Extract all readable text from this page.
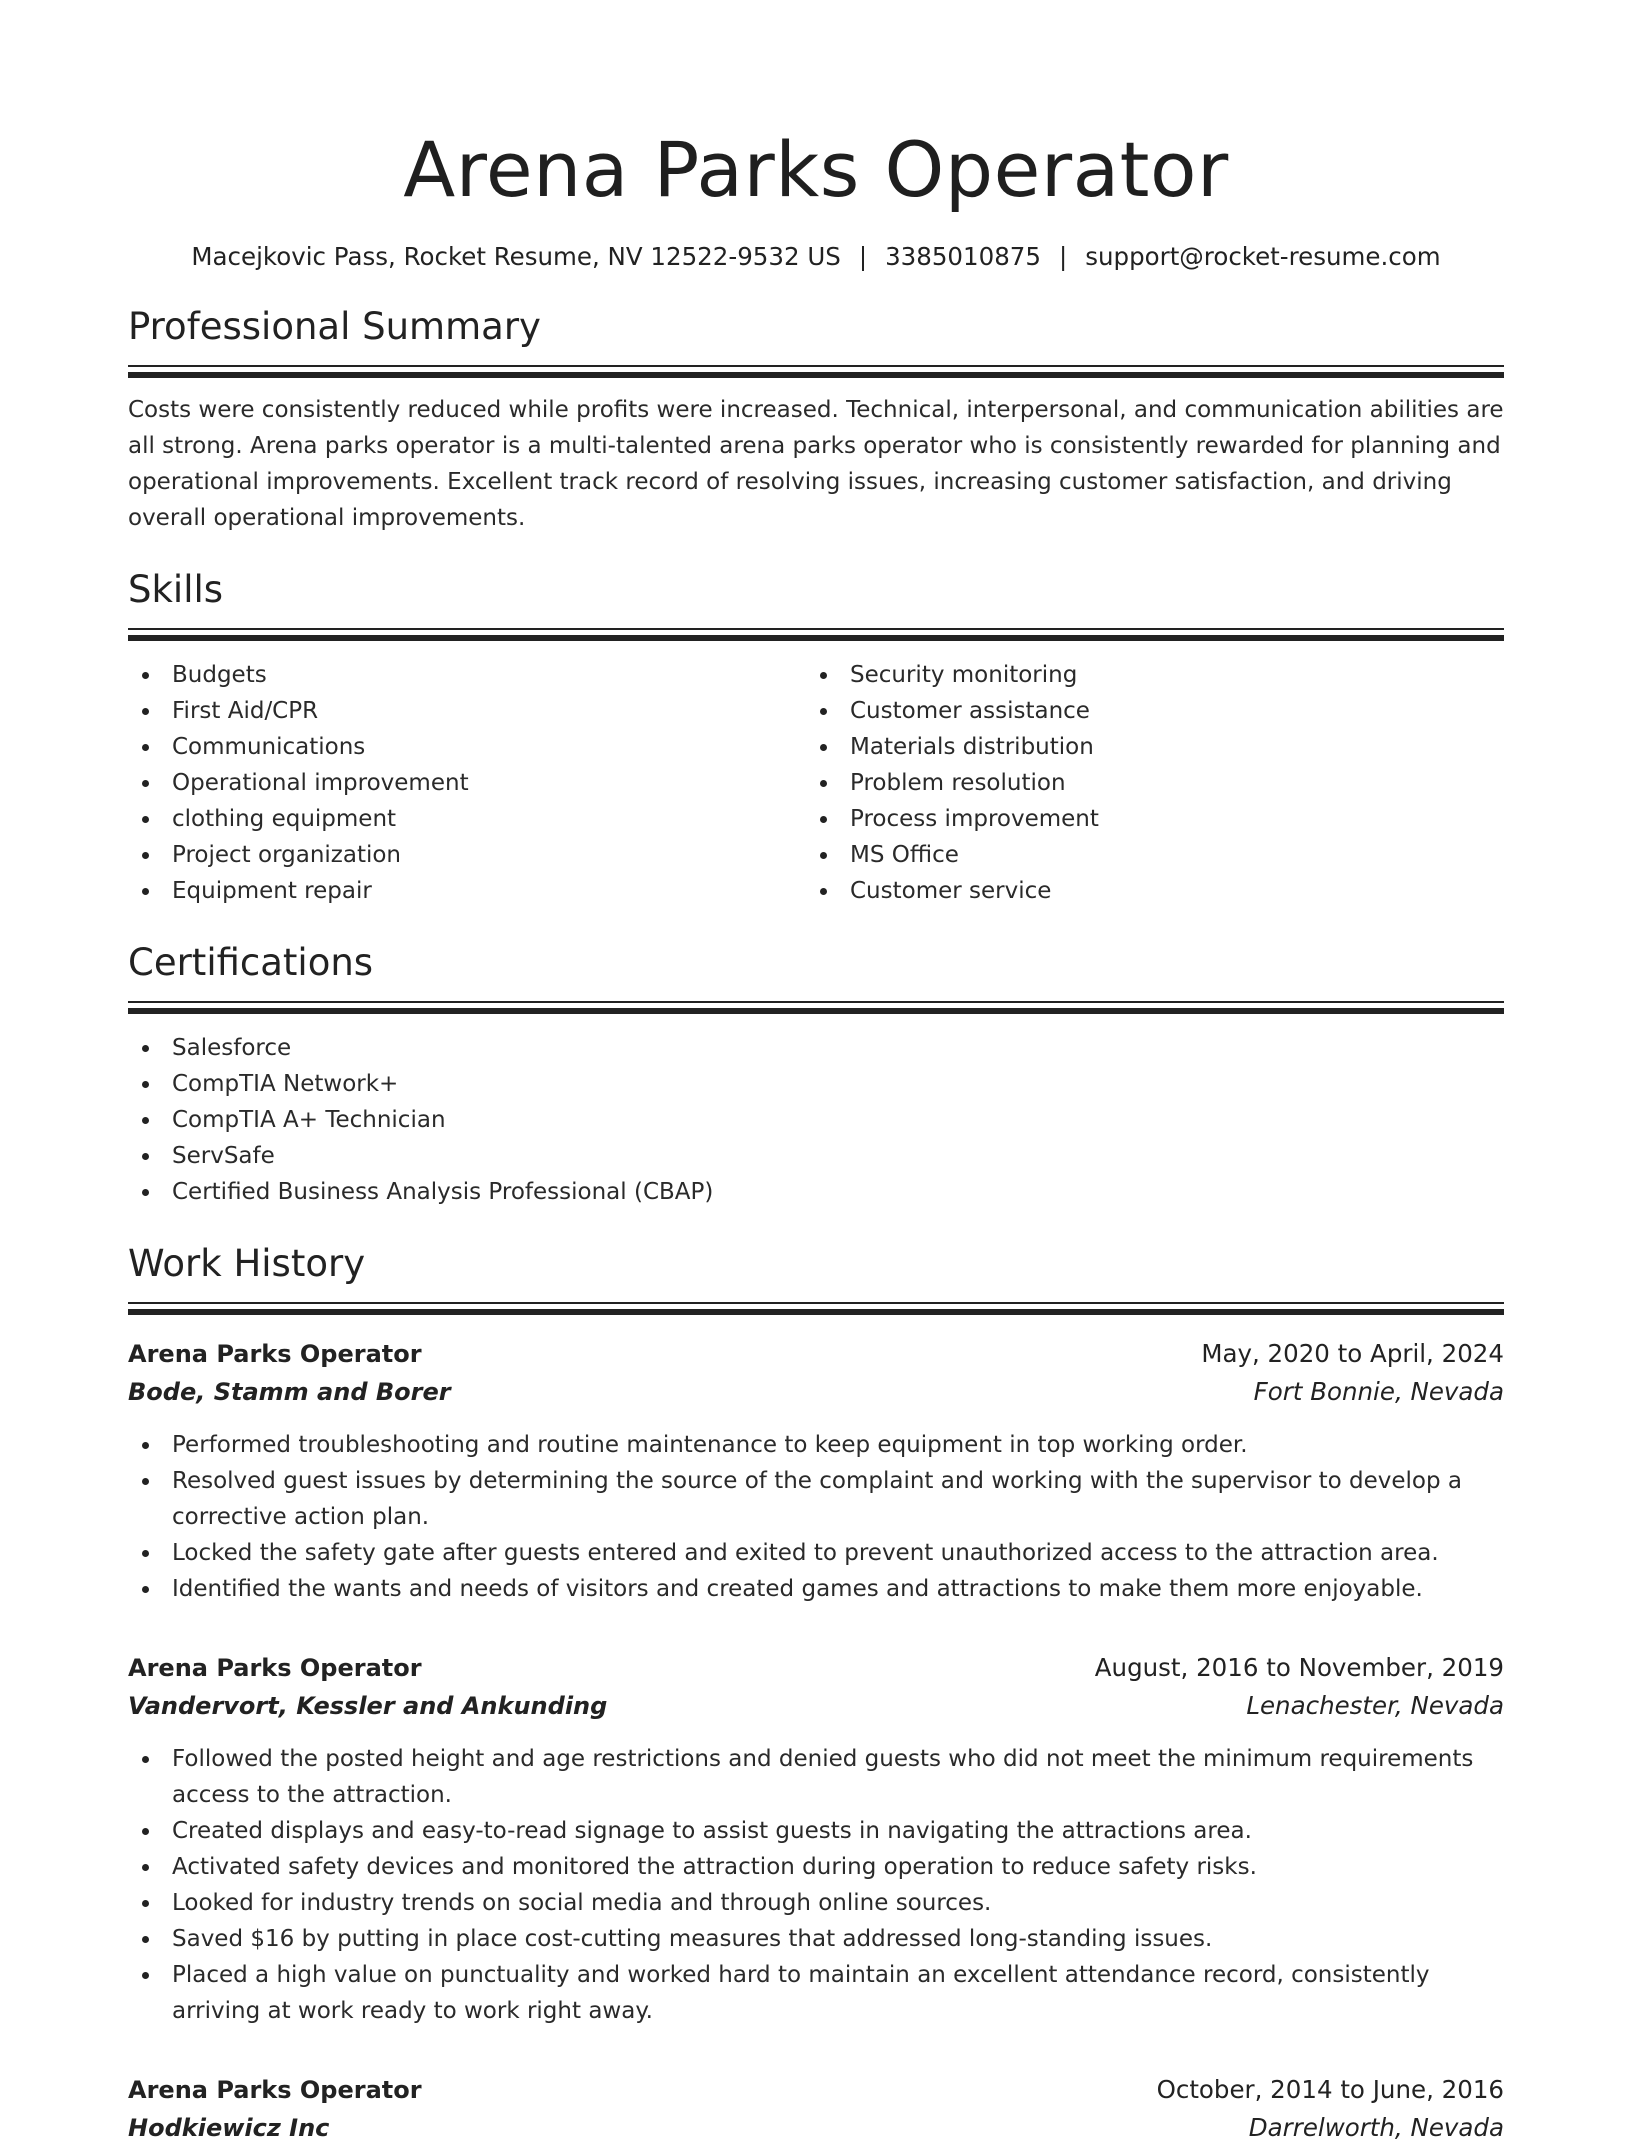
Arena Parks Operator
Macejkovic Pass, Rocket Resume, NV 12522-9532 US | 3385010875 | support@rocket-resume.com
Professional Summary

Costs were consistently reduced while profits were increased. Technical, interpersonal, and communication abilities are all strong. Arena parks operator is a multi-talented arena parks operator who is consistently rewarded for planning and operational improvements. Excellent track record of resolving issues, increasing customer satisfaction, and driving overall operational improvements.

Skills
Budgets
First Aid/CPR
Communications
Operational improvement
clothing equipment
Project organization
Equipment repair
Security monitoring
Customer assistance
Materials distribution
Problem resolution
Process improvement
MS Office
Customer service
Certifications
Salesforce
CompTIA Network+
CompTIA A+ Technician
ServSafe
Certified Business Analysis Professional (CBAP)
Work History
Arena Parks Operator	May, 2020 to April, 2024
Bode, Stamm and Borer	Fort Bonnie, Nevada
Performed troubleshooting and routine maintenance to keep equipment in top working order.
Resolved guest issues by determining the source of the complaint and working with the supervisor to develop a corrective action plan.
Locked the safety gate after guests entered and exited to prevent unauthorized access to the attraction area.
Identified the wants and needs of visitors and created games and attractions to make them more enjoyable.
Arena Parks Operator	August, 2016 to November, 2019
Vandervort, Kessler and Ankunding	Lenachester, Nevada
Followed the posted height and age restrictions and denied guests who did not meet the minimum requirements access to the attraction.
Created displays and easy-to-read signage to assist guests in navigating the attractions area.
Activated safety devices and monitored the attraction during operation to reduce safety risks.
Looked for industry trends on social media and through online sources.
Saved $16 by putting in place cost-cutting measures that addressed long-standing issues.
Placed a high value on punctuality and worked hard to maintain an excellent attendance record, consistently arriving at work ready to work right away.
Arena Parks Operator	October, 2014 to June, 2016
Hodkiewicz Inc	Darrelworth, Nevada
